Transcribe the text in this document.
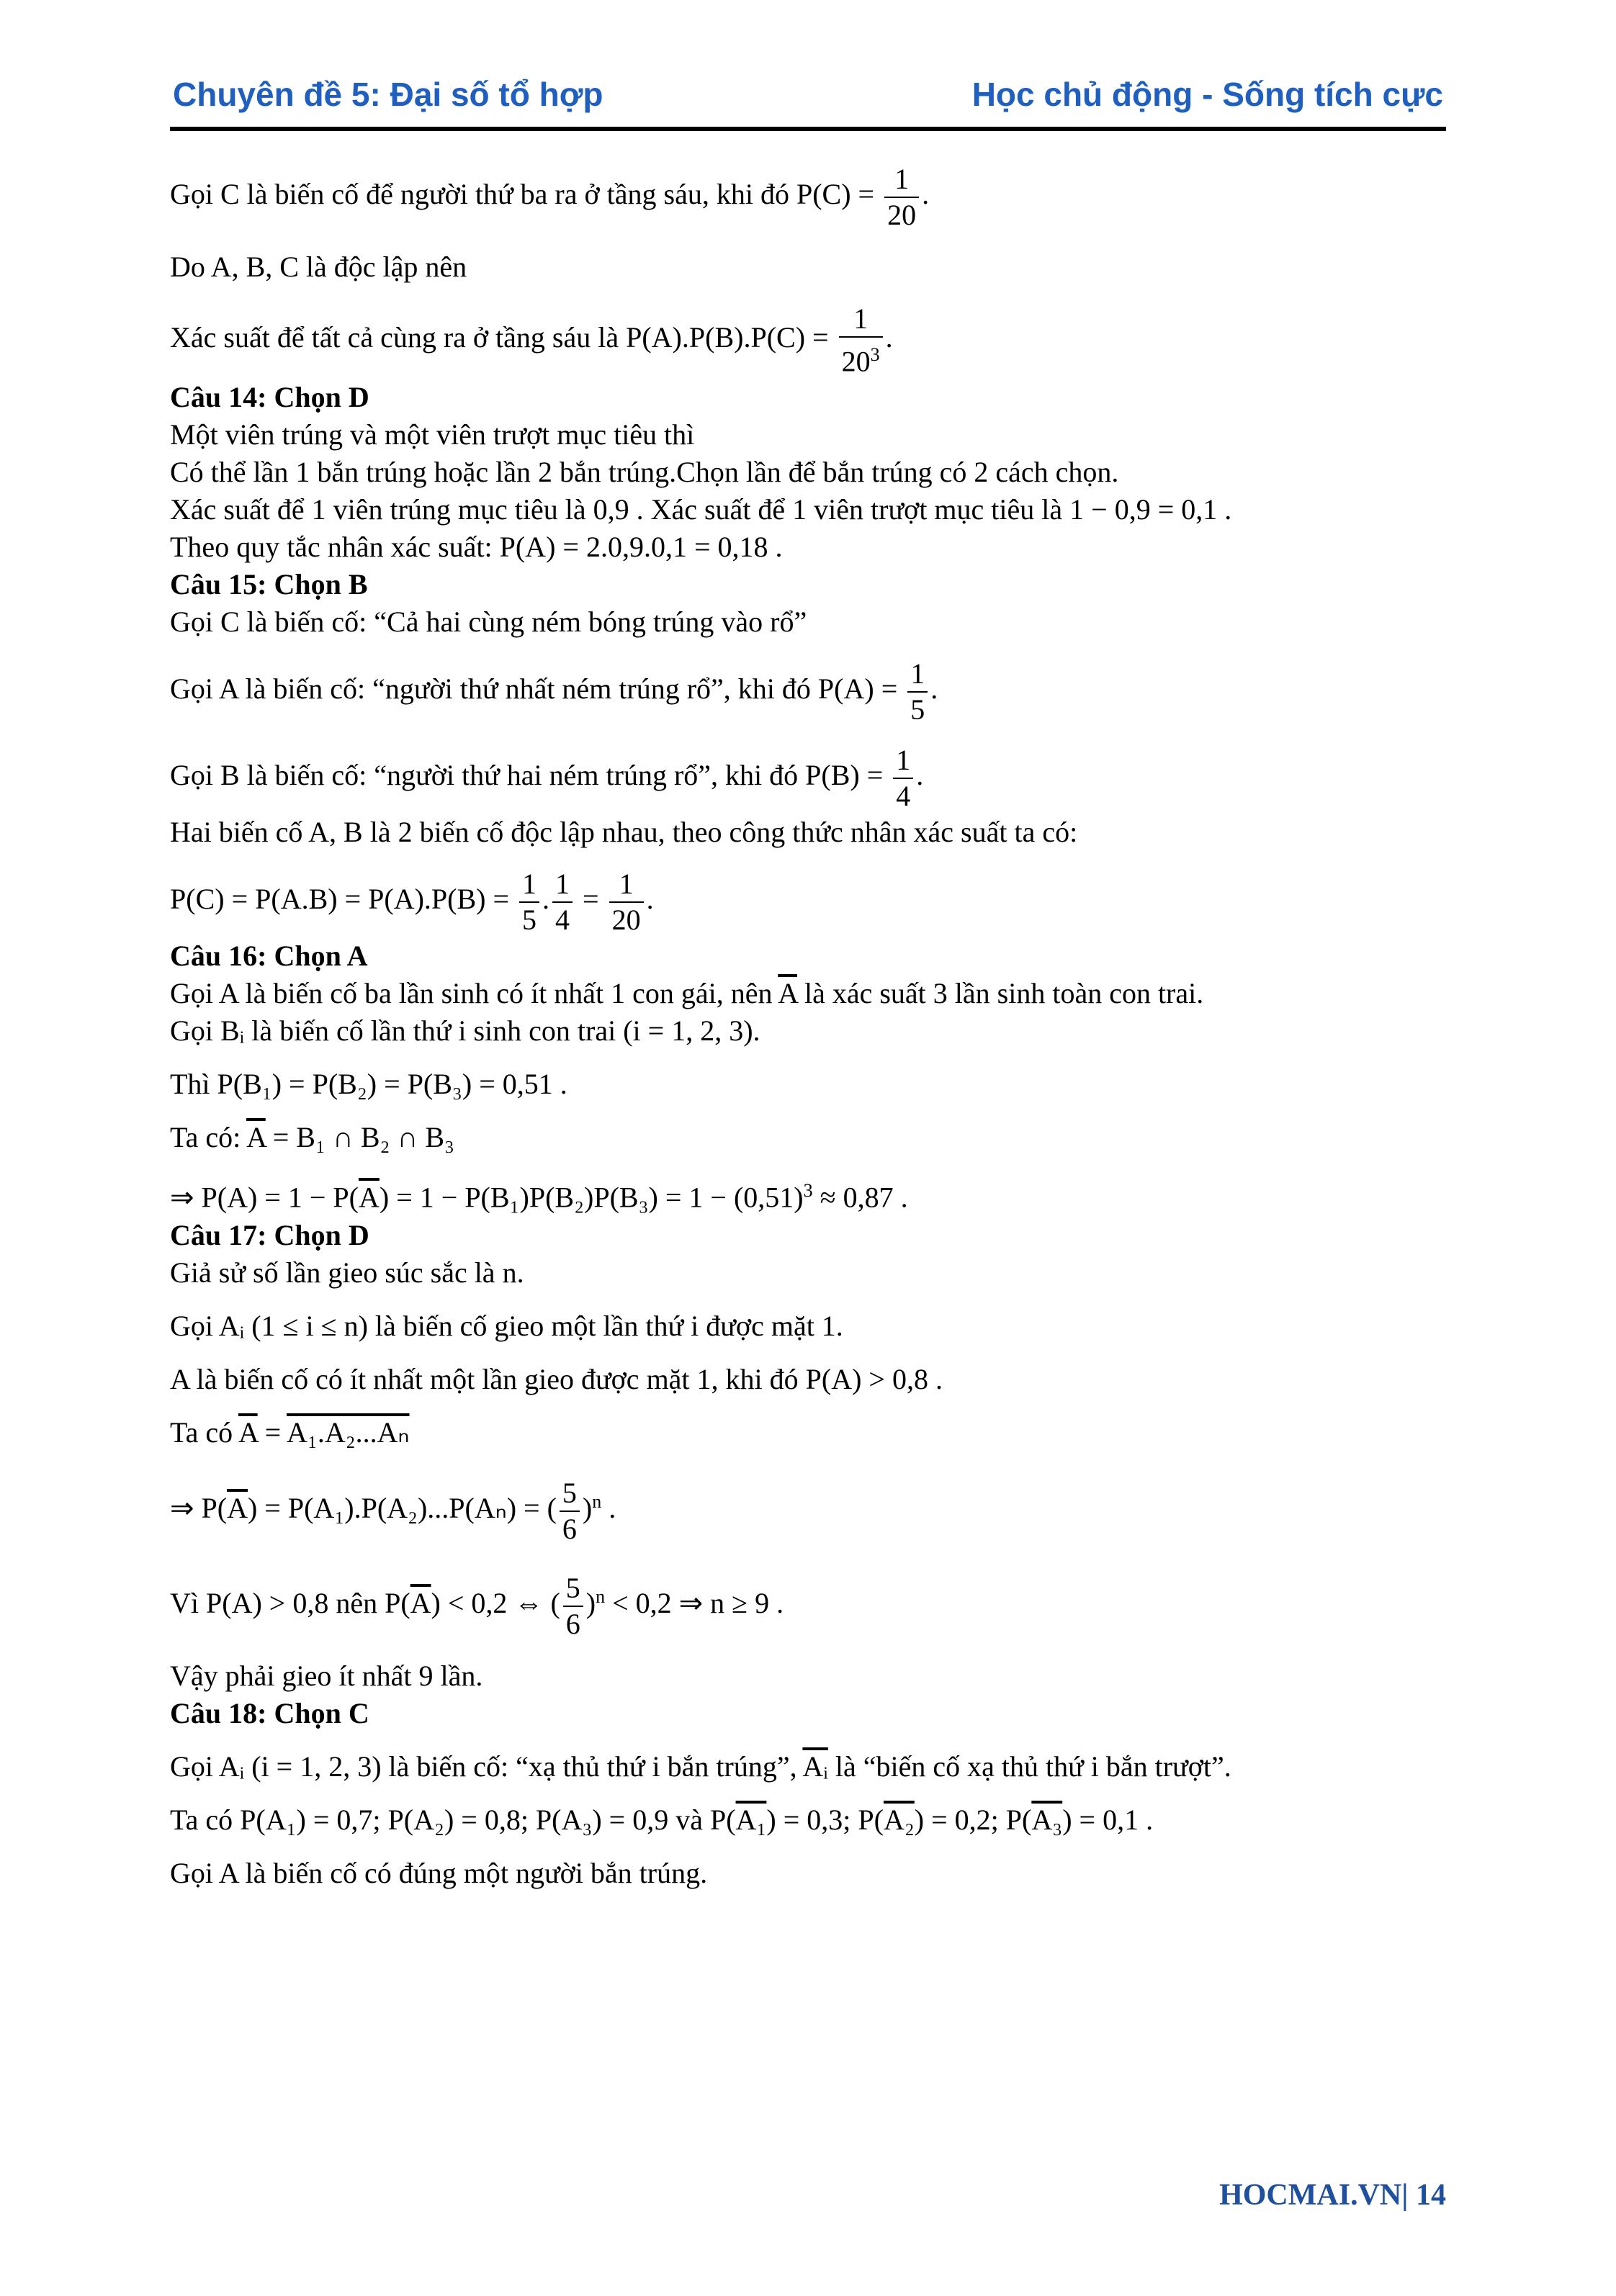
Chuyên đề 5: Đại số tổ hợp	Học chủ động - Sống tích cực
Gọi C là biến cố để người thứ ba ra ở tầng sáu, khi đó $P(C) = \frac{1}{20}$ .
Do A, B, C là độc lập nên
Xác suất để tất cả cùng ra ở tầng sáu là $P(A).P(B).P(C) = \frac{1}{20^3}$ .
Câu 14: Chọn D
Một viên trúng và một viên trượt mục tiêu thì
Có thể lần 1 bắn trúng hoặc lần 2 bắn trúng.Chọn lần để bắn trúng có 2 cách chọn.
Xác suất để 1 viên trúng mục tiêu là 0,9 . Xác suất để 1 viên trượt mục tiêu là 1 − 0,9 = 0,1 .
Theo quy tắc nhân xác suất: P(A) = 2.0,9.0,1 = 0,18 .
Câu 15: Chọn B
Gọi C là biến cố: “Cả hai cùng ném bóng trúng vào rổ”
Gọi A là biến cố: “người thứ nhất ném trúng rổ”, khi đó $P(A) = \frac{1}{5}$ .
Gọi B là biến cố: “người thứ hai ném trúng rổ”, khi đó $P(B) = \frac{1}{4}$ .
Hai biến cố A, B là 2 biến cố độc lập nhau, theo công thức nhân xác suất ta có:
$P(C) = P(A.B) = P(A).P(B) = \frac{1}{5}$ . $\frac{1}{4} = \frac{1}{20}$ .
Câu 16: Chọn A
Gọi A là biến cố ba lần sinh có ít nhất 1 con gái, nên $\overline{A}$ là xác suất 3 lần sinh toàn con trai.
Gọi Bᵢ là biến cố lần thứ i sinh con trai (i = 1, 2, 3).
Thì P(B₁) = P(B₂) = P(B₃) = 0,51 .
Ta có: $\overline{A} = B_1$ ∩ B₂ ∩ B₃
⇒ $P(A) = 1 - P(\overline{A}) = 1 - P(B_1)P(B_2)P(B_3) = 1 - (0,51)^3 \approx 0,87$ .
Câu 17: Chọn D
Giả sử số lần gieo súc sắc là n.
Gọi Aᵢ (1 ≤ i ≤ n) là biến cố gieo một lần thứ i được mặt 1.
A là biến cố có ít nhất một lần gieo được mặt 1, khi đó P(A) > 0,8 .
Ta có $\overline{A} = A_1.A_2...A_n$
⇒ $P(\overline{A}) = P(A_1).P(A_2)...P(A_n)$ = ( $\frac{5}{6} )^n$ .
Vì P(A) > 0,8 nên $P(\overline{A}) < 0,2$ ⇔ ( $\frac{5}{6} )^n < 0,2$ ⇒ n ≥ 9 .
Vậy phải gieo ít nhất 9 lần.
Câu 18: Chọn C
Gọi Aᵢ (i = 1, 2, 3) là biến cố: “xạ thủ thứ i bắn trúng”, $\overline{Aᵢ}$ là “biến cố xạ thủ thứ i bắn trượt”.
Ta có P(A₁) = 0,7; P(A₂) = 0,8; P(A₃) = 0,9 và P(A₁) = 0,3; P(A₂) = 0,2; P(A₃) = 0,1 .
Gọi A là biến cố có đúng một người bắn trúng.
HOCMAI.VN| 14
